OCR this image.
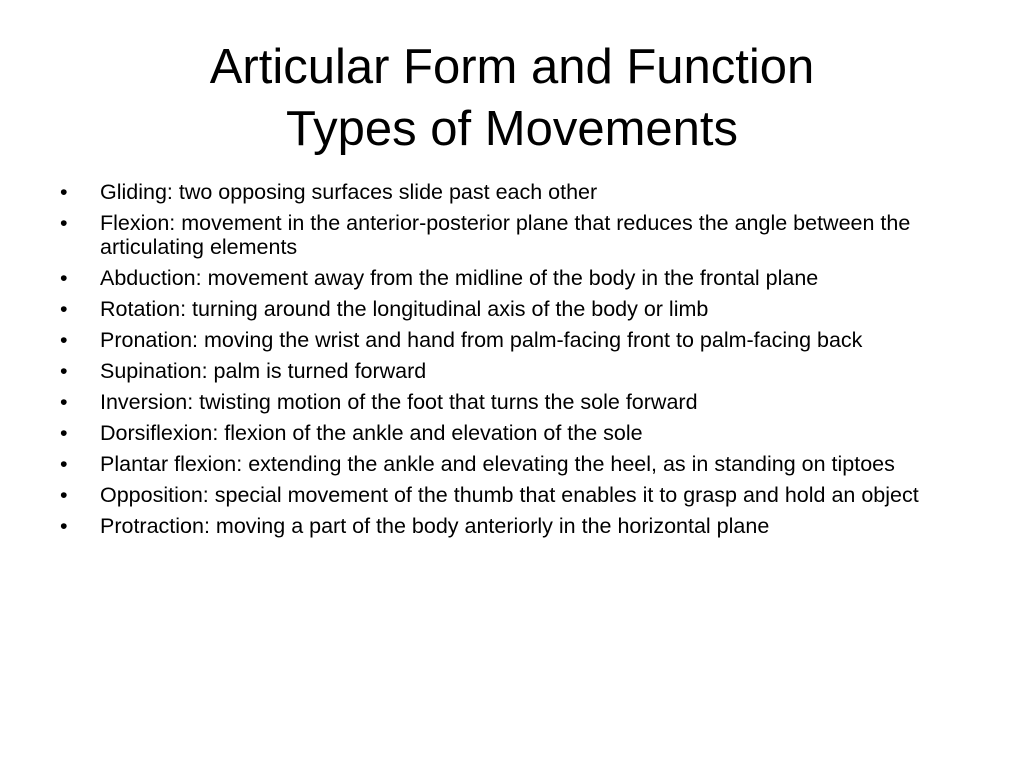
Articular Form and Function
Types of Movements
• Gliding: two opposing surfaces slide past each other
• Flexion: movement in the anterior-posterior plane that reduces the angle between the articulating elements
• Abduction: movement away from the midline of the body in the frontal plane
• Rotation: turning around the longitudinal axis of the body or limb
• Pronation: moving the wrist and hand from palm-facing front to palm-facing back
• Supination: palm is turned forward
• Inversion: twisting motion of the foot that turns the sole forward
• Dorsiflexion: flexion of the ankle and elevation of the sole
• Plantar flexion: extending the ankle and elevating the heel, as in standing on tiptoes
• Opposition: special movement of the thumb that enables it to grasp and hold an object
• Protraction: moving a part of the body anteriorly in the horizontal plane
